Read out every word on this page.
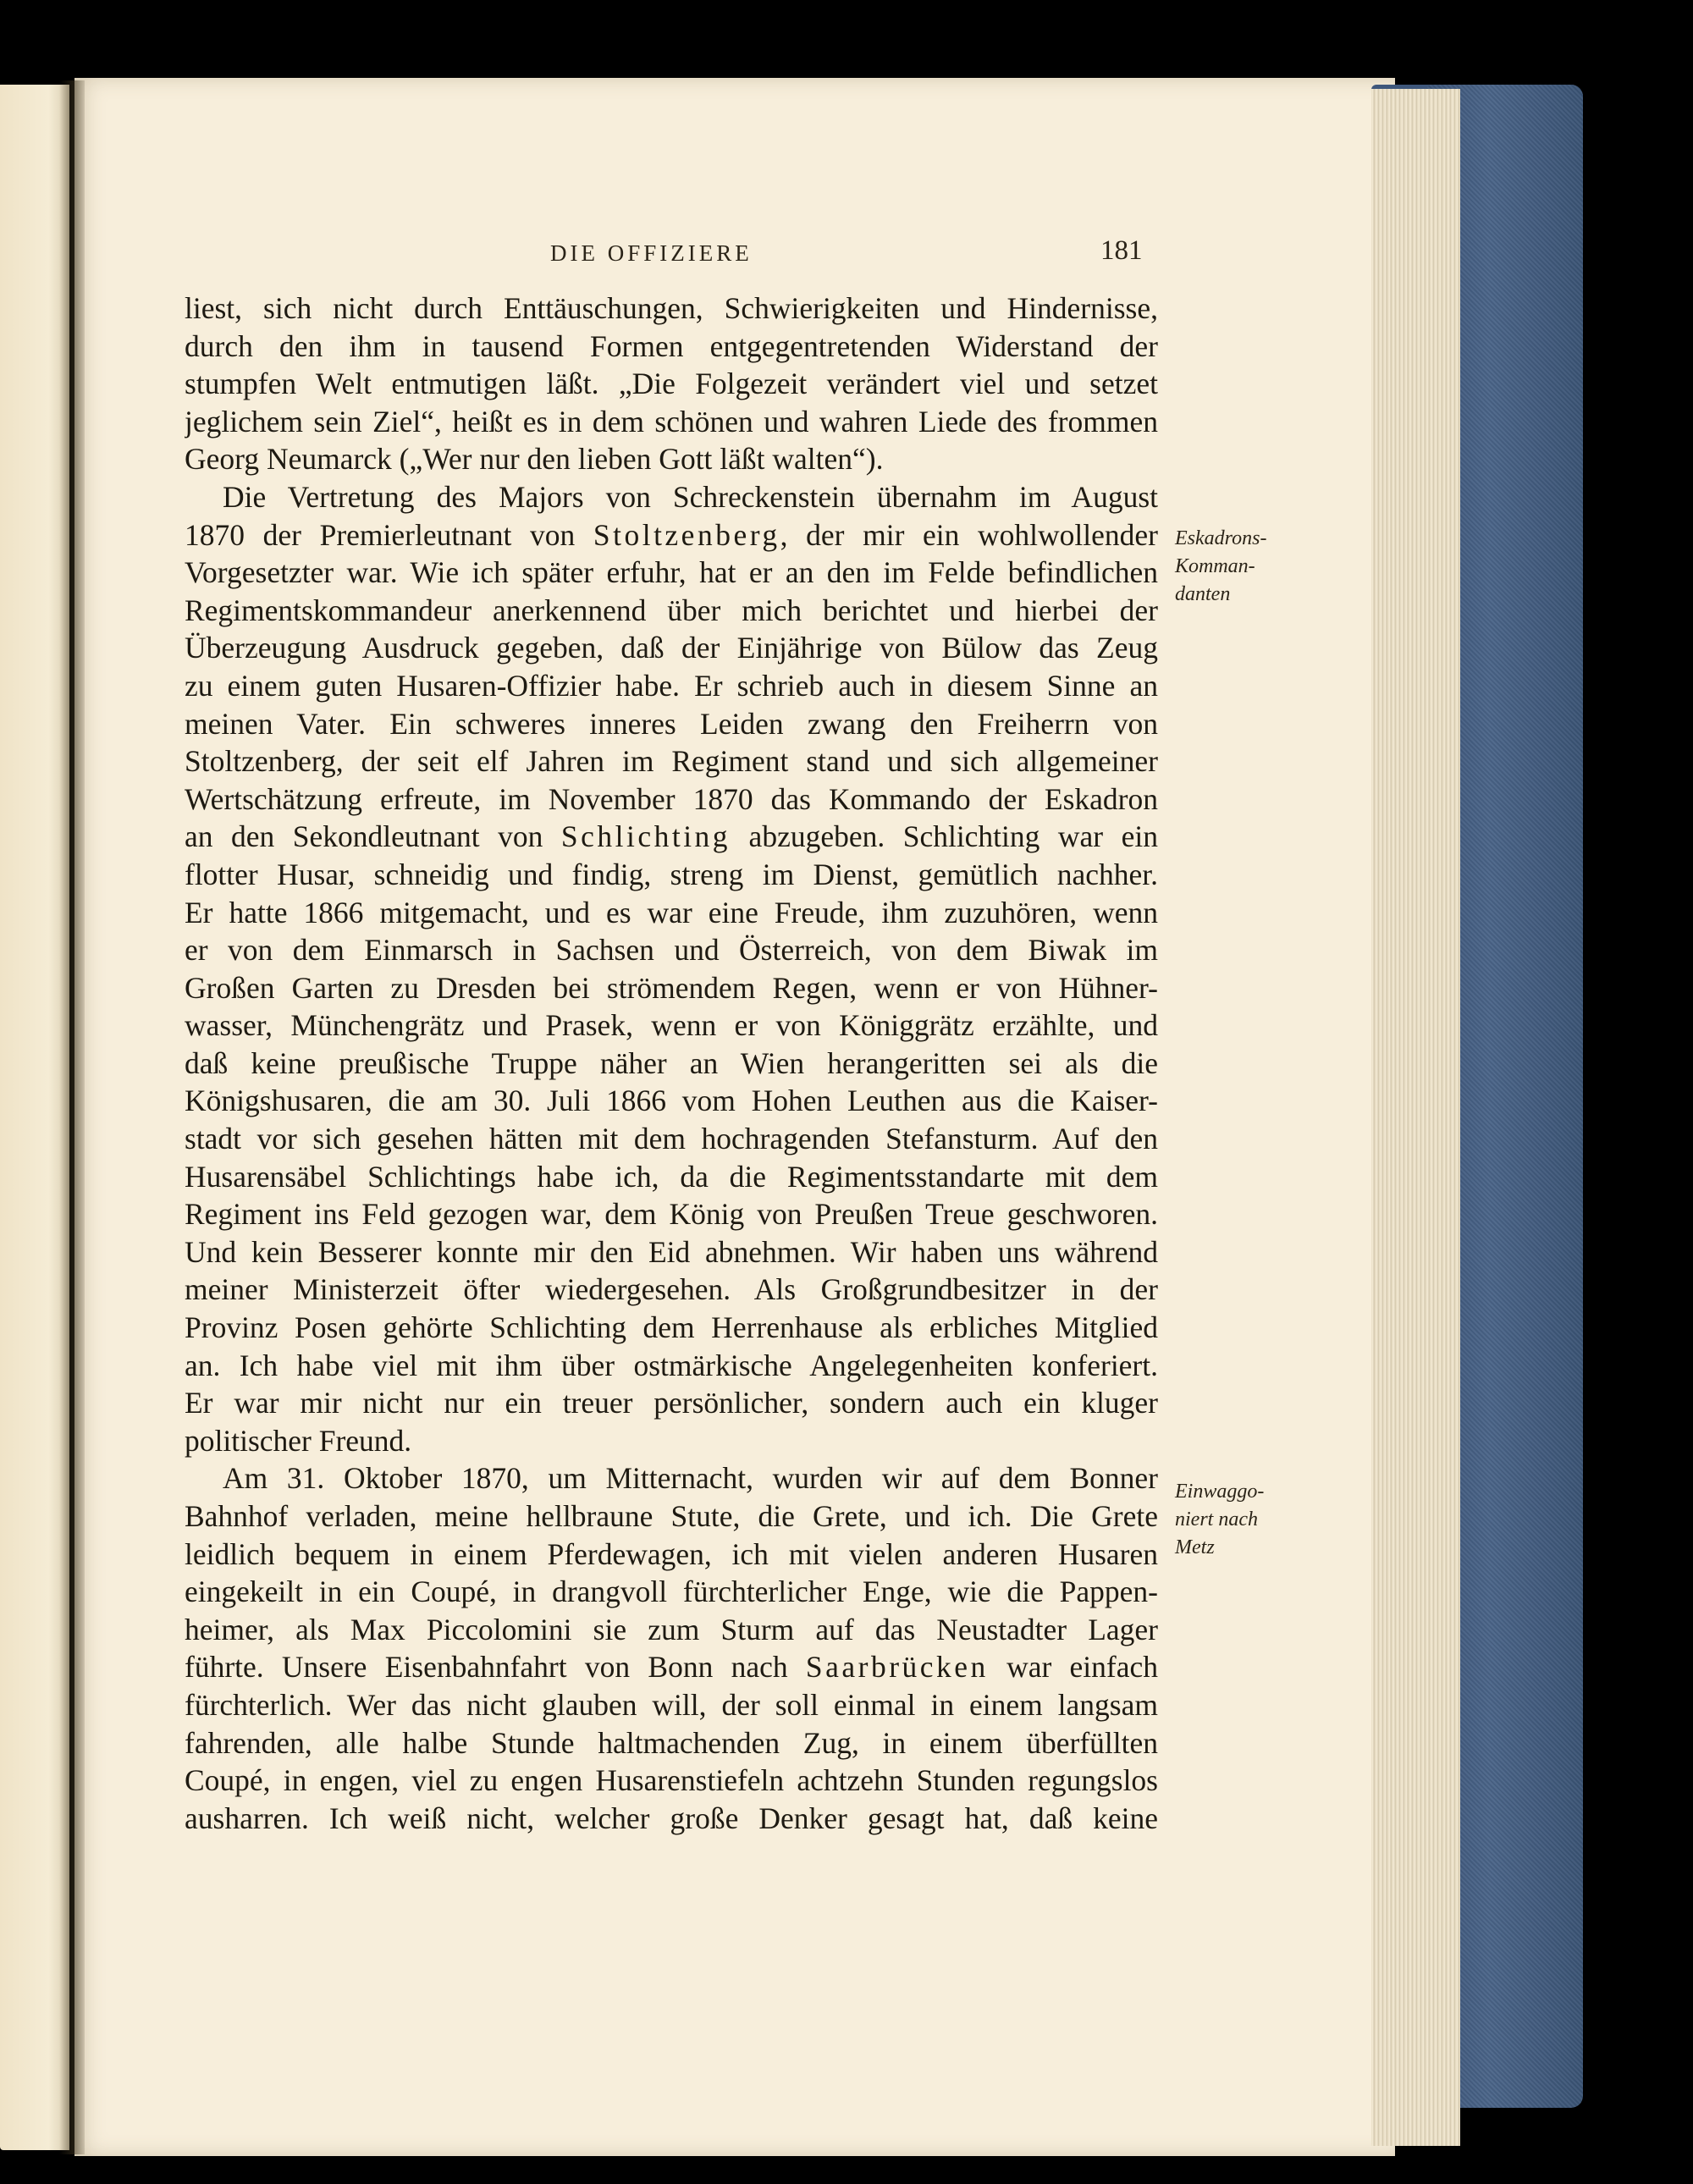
DIE OFFIZIERE	181
liest, sich nicht durch Enttäuschungen, Schwierigkeiten und Hindernisse,
durch den ihm in tausend Formen entgegentretenden Widerstand der
stumpfen Welt entmutigen läßt. „Die Folgezeit verändert viel und setzet
jeglichem sein Ziel“, heißt es in dem schönen und wahren Liede des frommen
Georg Neumarck („Wer nur den lieben Gott läßt walten“).
Die Vertretung des Majors von Schreckenstein übernahm im August
1870 der Premierleutnant von Stoltzenberg, der mir ein wohlwollender
Vorgesetzter war. Wie ich später erfuhr, hat er an den im Felde befindlichen
Regimentskommandeur anerkennend über mich berichtet und hierbei der
Überzeugung Ausdruck gegeben, daß der Einjährige von Bülow das Zeug
zu einem guten Husaren-Offizier habe. Er schrieb auch in diesem Sinne an
meinen Vater. Ein schweres inneres Leiden zwang den Freiherrn von
Stoltzenberg, der seit elf Jahren im Regiment stand und sich allgemeiner
Wertschätzung erfreute, im November 1870 das Kommando der Eskadron
an den Sekondleutnant von Schlichting abzugeben. Schlichting war ein
flotter Husar, schneidig und findig, streng im Dienst, gemütlich nachher.
Er hatte 1866 mitgemacht, und es war eine Freude, ihm zuzuhören, wenn
er von dem Einmarsch in Sachsen und Österreich, von dem Biwak im
Großen Garten zu Dresden bei strömendem Regen, wenn er von Hühner-
wasser, Münchengrätz und Prasek, wenn er von Königgrätz erzählte, und
daß keine preußische Truppe näher an Wien herangeritten sei als die
Königshusaren, die am 30. Juli 1866 vom Hohen Leuthen aus die Kaiser-
stadt vor sich gesehen hätten mit dem hochragenden Stefansturm. Auf den
Husarensäbel Schlichtings habe ich, da die Regimentsstandarte mit dem
Regiment ins Feld gezogen war, dem König von Preußen Treue geschworen.
Und kein Besserer konnte mir den Eid abnehmen. Wir haben uns während
meiner Ministerzeit öfter wiedergesehen. Als Großgrundbesitzer in der
Provinz Posen gehörte Schlichting dem Herrenhause als erbliches Mitglied
an. Ich habe viel mit ihm über ostmärkische Angelegenheiten konferiert.
Er war mir nicht nur ein treuer persönlicher, sondern auch ein kluger
politischer Freund.
Am 31. Oktober 1870, um Mitternacht, wurden wir auf dem Bonner
Bahnhof verladen, meine hellbraune Stute, die Grete, und ich. Die Grete
leidlich bequem in einem Pferdewagen, ich mit vielen anderen Husaren
eingekeilt in ein Coupé, in drangvoll fürchterlicher Enge, wie die Pappen-
heimer, als Max Piccolomini sie zum Sturm auf das Neustadter Lager
führte. Unsere Eisenbahnfahrt von Bonn nach Saarbrücken war einfach
fürchterlich. Wer das nicht glauben will, der soll einmal in einem langsam
fahrenden, alle halbe Stunde haltmachenden Zug, in einem überfüllten
Coupé, in engen, viel zu engen Husarenstiefeln achtzehn Stunden regungslos
ausharren. Ich weiß nicht, welcher große Denker gesagt hat, daß keine
Eskadrons-
Komman-
danten
Einwaggo-
niert nach
Metz
